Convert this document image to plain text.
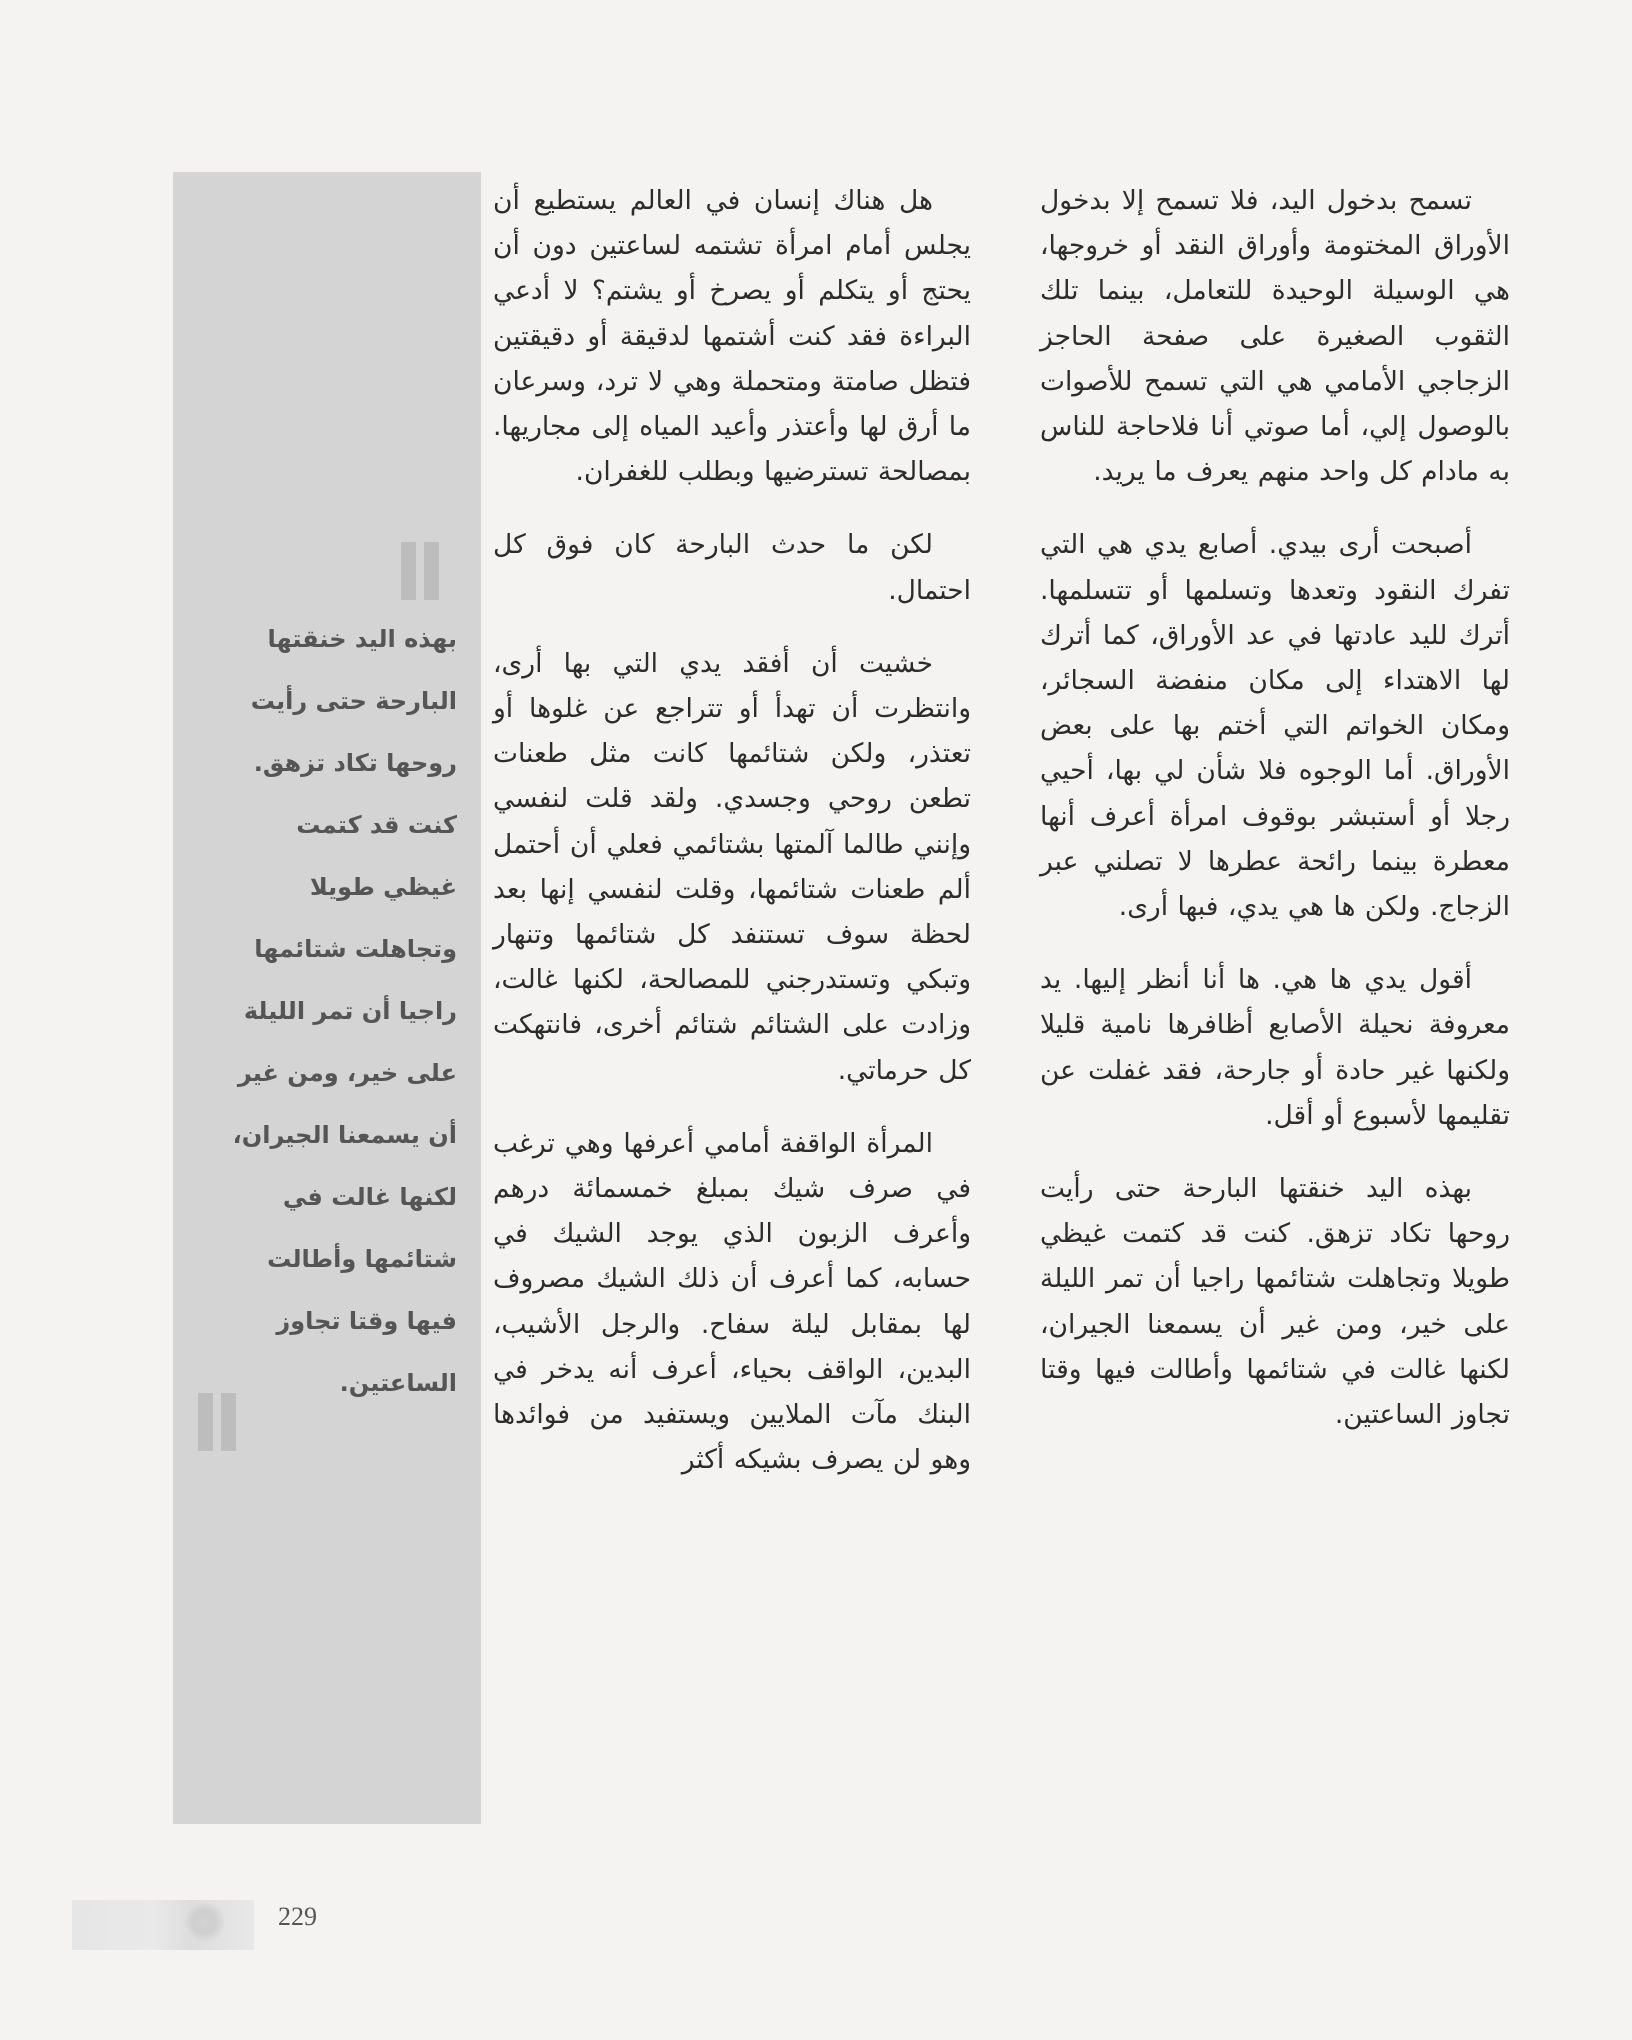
تسمح بدخول اليد، فلا تسمح إلا بدخول الأوراق المختومة وأوراق النقد أو خروجها، هي الوسيلة الوحيدة للتعامل، بينما تلك الثقوب الصغيرة على صفحة الحاجز الزجاجي الأمامي هي التي تسمح للأصوات بالوصول إلي، أما صوتي أنا فلاحاجة للناس به مادام كل واحد منهم يعرف ما يريد.

أصبحت أرى بيدي. أصابع يدي هي التي تفرك النقود وتعدها وتسلمها أو تتسلمها. أترك لليد عادتها في عد الأوراق، كما أترك لها الاهتداء إلى مكان منفضة السجائر، ومكان الخواتم التي أختم بها على بعض الأوراق. أما الوجوه فلا شأن لي بها، أحيي رجلا أو أستبشر بوقوف امرأة أعرف أنها معطرة بينما رائحة عطرها لا تصلني عبر الزجاج. ولكن ها هي يدي، فبها أرى.

أقول يدي ها هي. ها أنا أنظر إليها. يد معروفة نحيلة الأصابع أظافرها نامية قليلا ولكنها غير حادة أو جارحة، فقد غفلت عن تقليمها لأسبوع أو أقل.

بهذه اليد خنقتها البارحة حتى رأيت روحها تكاد تزهق. كنت قد كتمت غيظي طويلا وتجاهلت شتائمها راجيا أن تمر الليلة على خير، ومن غير أن يسمعنا الجيران، لكنها غالت في شتائمها وأطالت فيها وقتا تجاوز الساعتين.

هل هناك إنسان في العالم يستطيع أن يجلس أمام امرأة تشتمه لساعتين دون أن يحتج أو يتكلم أو يصرخ أو يشتم؟ لا أدعي البراءة فقد كنت أشتمها لدقيقة أو دقيقتين فتظل صامتة ومتحملة وهي لا ترد، وسرعان ما أرق لها وأعتذر وأعيد المياه إلى مجاريها. بمصالحة تسترضيها وبطلب للغفران.

لكن ما حدث البارحة كان فوق كل احتمال.

خشيت أن أفقد يدي التي بها أرى، وانتظرت أن تهدأ أو تتراجع عن غلوها أو تعتذر، ولكن شتائمها كانت مثل طعنات تطعن روحي وجسدي. ولقد قلت لنفسي وإنني طالما آلمتها بشتائمي فعلي أن أحتمل ألم طعنات شتائمها، وقلت لنفسي إنها بعد لحظة سوف تستنفد كل شتائمها وتنهار وتبكي وتستدرجني للمصالحة، لكنها غالت، وزادت على الشتائم شتائم أخرى، فانتهكت كل حرماتي.

المرأة الواقفة أمامي أعرفها وهي ترغب في صرف شيك بمبلغ خمسمائة درهم وأعرف الزبون الذي يوجد الشيك في حسابه، كما أعرف أن ذلك الشيك مصروف لها بمقابل ليلة سفاح. والرجل الأشيب، البدين، الواقف بحياء، أعرف أنه يدخر في البنك مآت الملايين ويستفيد من فوائدها وهو لن يصرف بشيكه أكثر

بهذه اليد خنقتها
البارحة حتى رأيت
روحها تكاد تزهق.
كنت قد كتمت
غيظي طويلا
وتجاهلت شتائمها
راجيا أن تمر الليلة
على خير، ومن غير
أن يسمعنا الجيران،
لكنها غالت في
شتائمها وأطالت
فيها وقتا تجاوز
الساعتين.
229
